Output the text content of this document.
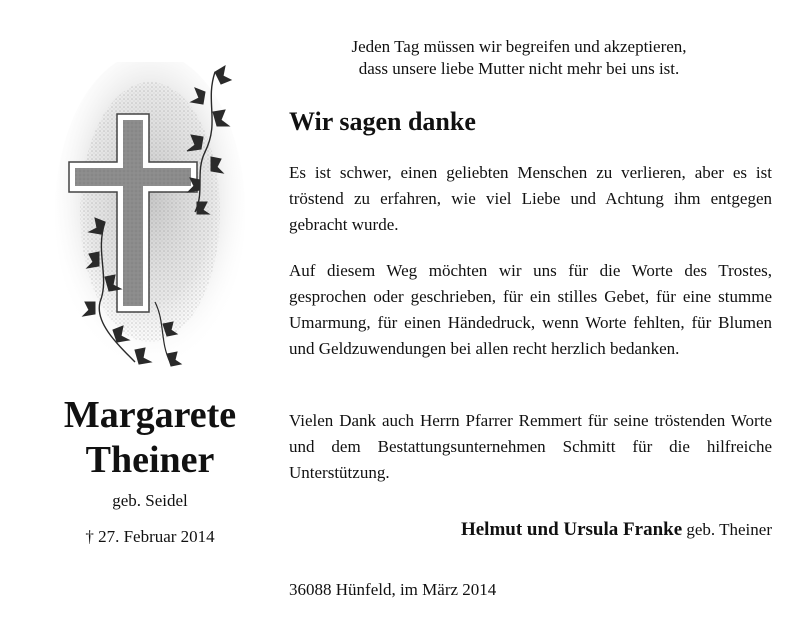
Margarete
Theiner
geb. Seidel
† 27. Februar 2014
Jeden Tag müssen wir begreifen und akzeptieren,
dass unsere liebe Mutter nicht mehr bei uns ist.
Wir sagen danke

Es ist schwer, einen geliebten Menschen zu verlieren, aber es ist tröstend zu erfahren, wie viel Liebe und Achtung ihm entgegen gebracht wurde.

Auf diesem Weg möchten wir uns für die Worte des Trostes, gesprochen oder geschrieben, für ein stilles Gebet, für eine stumme Umarmung, für einen Händedruck, wenn Worte fehlten, für Blumen und Geldzuwendungen bei allen recht herzlich bedanken.

Vielen Dank auch Herrn Pfarrer Remmert für seine tröstenden Worte und dem Bestattungsunternehmen Schmitt für die hilfreiche Unterstützung.

Helmut und Ursula Franke geb. Theiner
36088 Hünfeld, im März 2014
